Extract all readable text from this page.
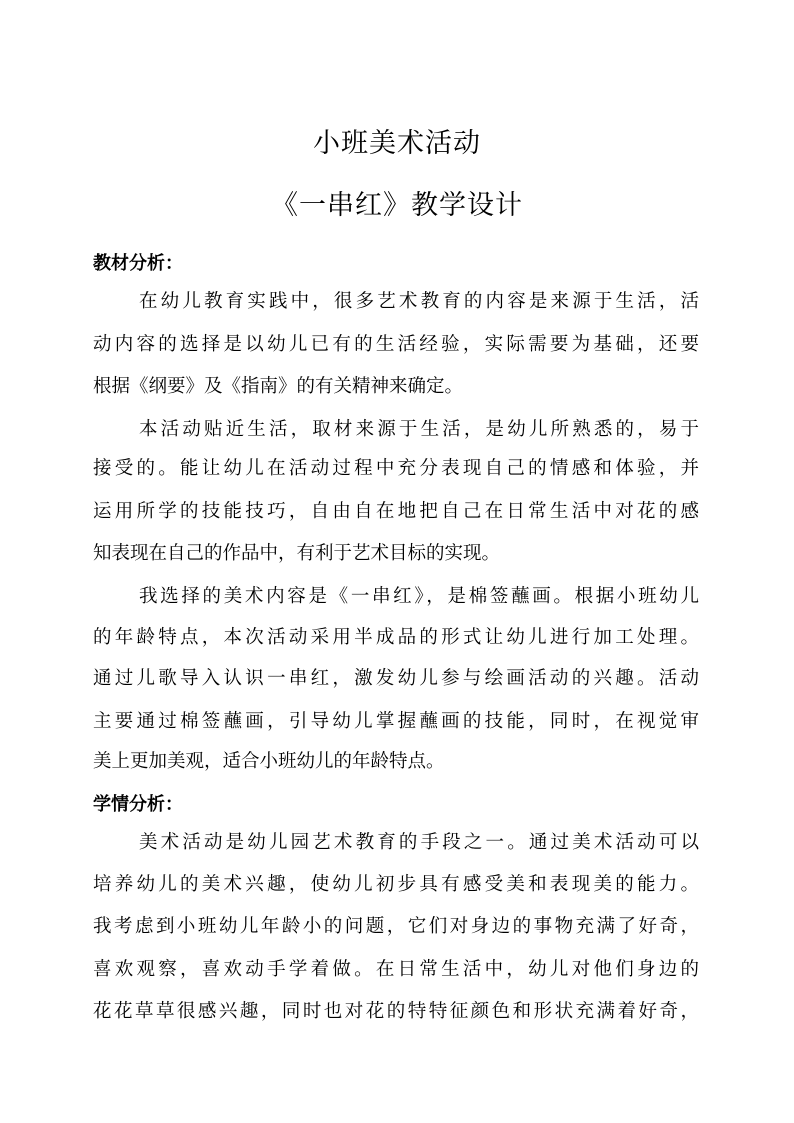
小班美术活动
《一串红》教学设计
教材分析：
在幼儿教育实践中，很多艺术教育的内容是来源于生活，活
动内容的选择是以幼儿已有的生活经验，实际需要为基础，还要
根据《纲要》及《指南》的有关精神来确定。
本活动贴近生活，取材来源于生活，是幼儿所熟悉的，易于
接受的。能让幼儿在活动过程中充分表现自己的情感和体验，并
运用所学的技能技巧，自由自在地把自己在日常生活中对花的感
知表现在自己的作品中，有利于艺术目标的实现。
我选择的美术内容是《一串红》，是棉签蘸画。根据小班幼儿
的年龄特点，本次活动采用半成品的形式让幼儿进行加工处理。
通过儿歌导入认识一串红，激发幼儿参与绘画活动的兴趣。活动
主要通过棉签蘸画，引导幼儿掌握蘸画的技能，同时，在视觉审
美上更加美观，适合小班幼儿的年龄特点。
学情分析：
美术活动是幼儿园艺术教育的手段之一。通过美术活动可以
培养幼儿的美术兴趣，使幼儿初步具有感受美和表现美的能力。
我考虑到小班幼儿年龄小的问题，它们对身边的事物充满了好奇，
喜欢观察，喜欢动手学着做。在日常生活中，幼儿对他们身边的
花花草草很感兴趣，同时也对花的特特征颜色和形状充满着好奇，
